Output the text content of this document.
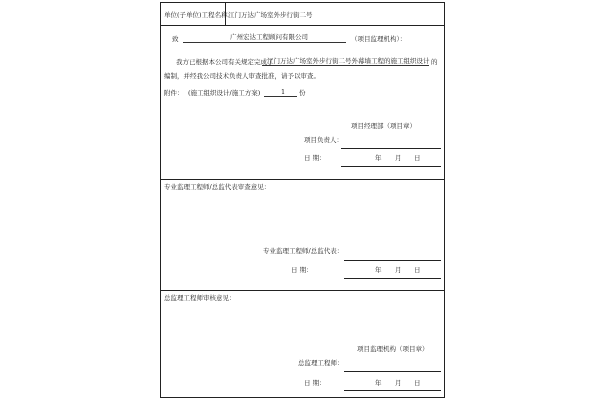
单位(子单位)工程名称 江门万达广场室外步行街二号
致	广州宏达工程顾问有限公司	（项目监理机构）：
我方已根据本公司有关规定完成了
江门万达广场室外步行街二号外幕墙工程的施工组织设计 的
编制，并经我公司技术负责人审查批准，请予以审查。
附件： (施工组织设计/施工方案)	1 份
项目经理部（项目章）
项目负责人：
日 期：	年 月 日
专业监理工程师/总监代表审查意见：
专业监理工程师/总监代表：
日 期：	年 月 日
总监理工程师审核意见：
项目监理机构（项目章）
总监理工程师：
日 期：	年 月 日
